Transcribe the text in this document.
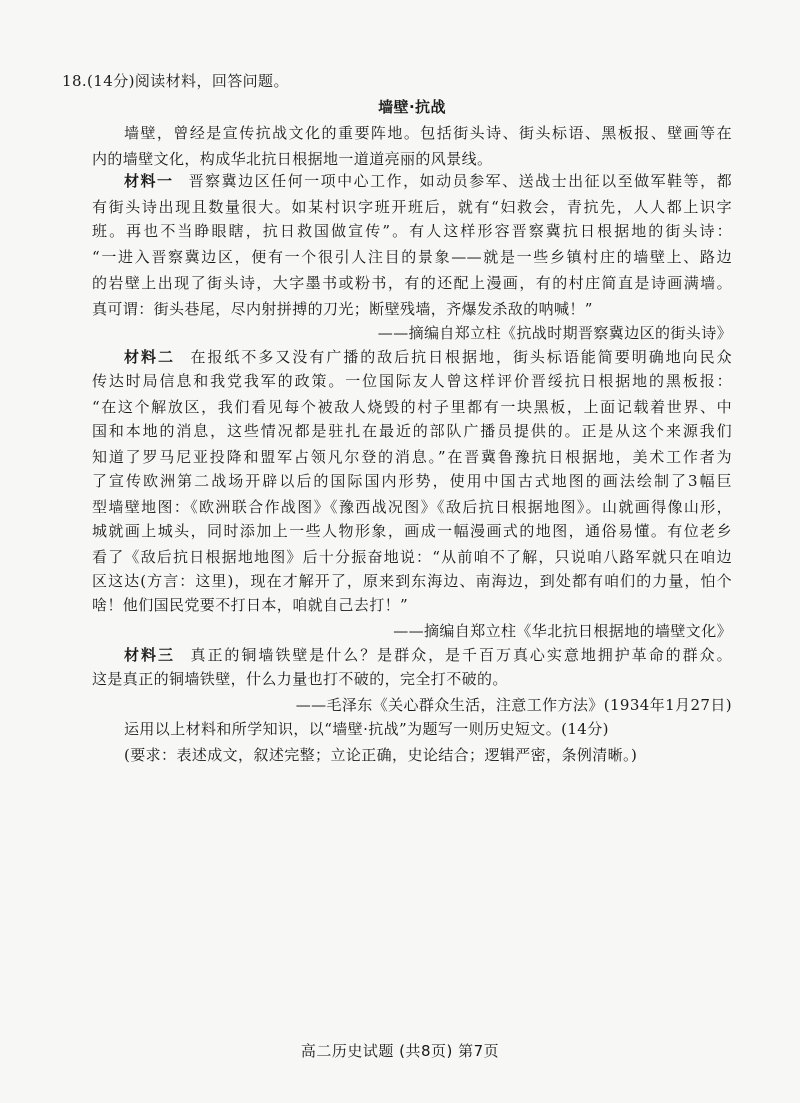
18.(14分)阅读材料，回答问题。
墙壁·抗战
墙壁，曾经是宣传抗战文化的重要阵地。包括街头诗、街头标语、黑板报、壁画等在
内的墙壁文化，构成华北抗日根据地一道道亮丽的风景线。
材料一 晋察冀边区任何一项中心工作，如动员参军、送战士出征以至做军鞋等，都
有街头诗出现且数量很大。如某村识字班开班后，就有“妇救会，青抗先，人人都上识字
班。再也不当睁眼瞎，抗日救国做宣传”。有人这样形容晋察冀抗日根据地的街头诗：
“一进入晋察冀边区，便有一个很引人注目的景象——就是一些乡镇村庄的墙壁上、路边
的岩壁上出现了街头诗，大字墨书或粉书，有的还配上漫画，有的村庄简直是诗画满墙。
真可谓：街头巷尾，尽内射拼搏的刀光；断壁残墙，齐爆发杀敌的呐喊！”
——摘编自郑立柱《抗战时期晋察冀边区的街头诗》
材料二 在报纸不多又没有广播的敌后抗日根据地，街头标语能简要明确地向民众
传达时局信息和我党我军的政策。一位国际友人曾这样评价晋绥抗日根据地的黑板报：
“在这个解放区，我们看见每个被敌人烧毁的村子里都有一块黑板，上面记载着世界、中
国和本地的消息，这些情况都是驻扎在最近的部队广播员提供的。正是从这个来源我们
知道了罗马尼亚投降和盟军占领凡尔登的消息。”在晋冀鲁豫抗日根据地，美术工作者为
了宣传欧洲第二战场开辟以后的国际国内形势，使用中国古式地图的画法绘制了3幅巨
型墙壁地图：《欧洲联合作战图》《豫西战况图》《敌后抗日根据地图》。山就画得像山形，
城就画上城头，同时添加上一些人物形象，画成一幅漫画式的地图，通俗易懂。有位老乡
看了《敌后抗日根据地地图》后十分振奋地说：“从前咱不了解，只说咱八路军就只在咱边
区这达(方言：这里)，现在才解开了，原来到东海边、南海边，到处都有咱们的力量，怕个
啥！他们国民党要不打日本，咱就自己去打！”
——摘编自郑立柱《华北抗日根据地的墙壁文化》
材料三 真正的铜墙铁壁是什么？是群众，是千百万真心实意地拥护革命的群众。
这是真正的铜墙铁壁，什么力量也打不破的，完全打不破的。
——毛泽东《关心群众生活，注意工作方法》(1934年1月27日)
运用以上材料和所学知识，以“墙壁·抗战”为题写一则历史短文。(14分)
(要求：表述成文，叙述完整；立论正确，史论结合；逻辑严密，条例清晰。)
高二历史试题 (共8页) 第7页
